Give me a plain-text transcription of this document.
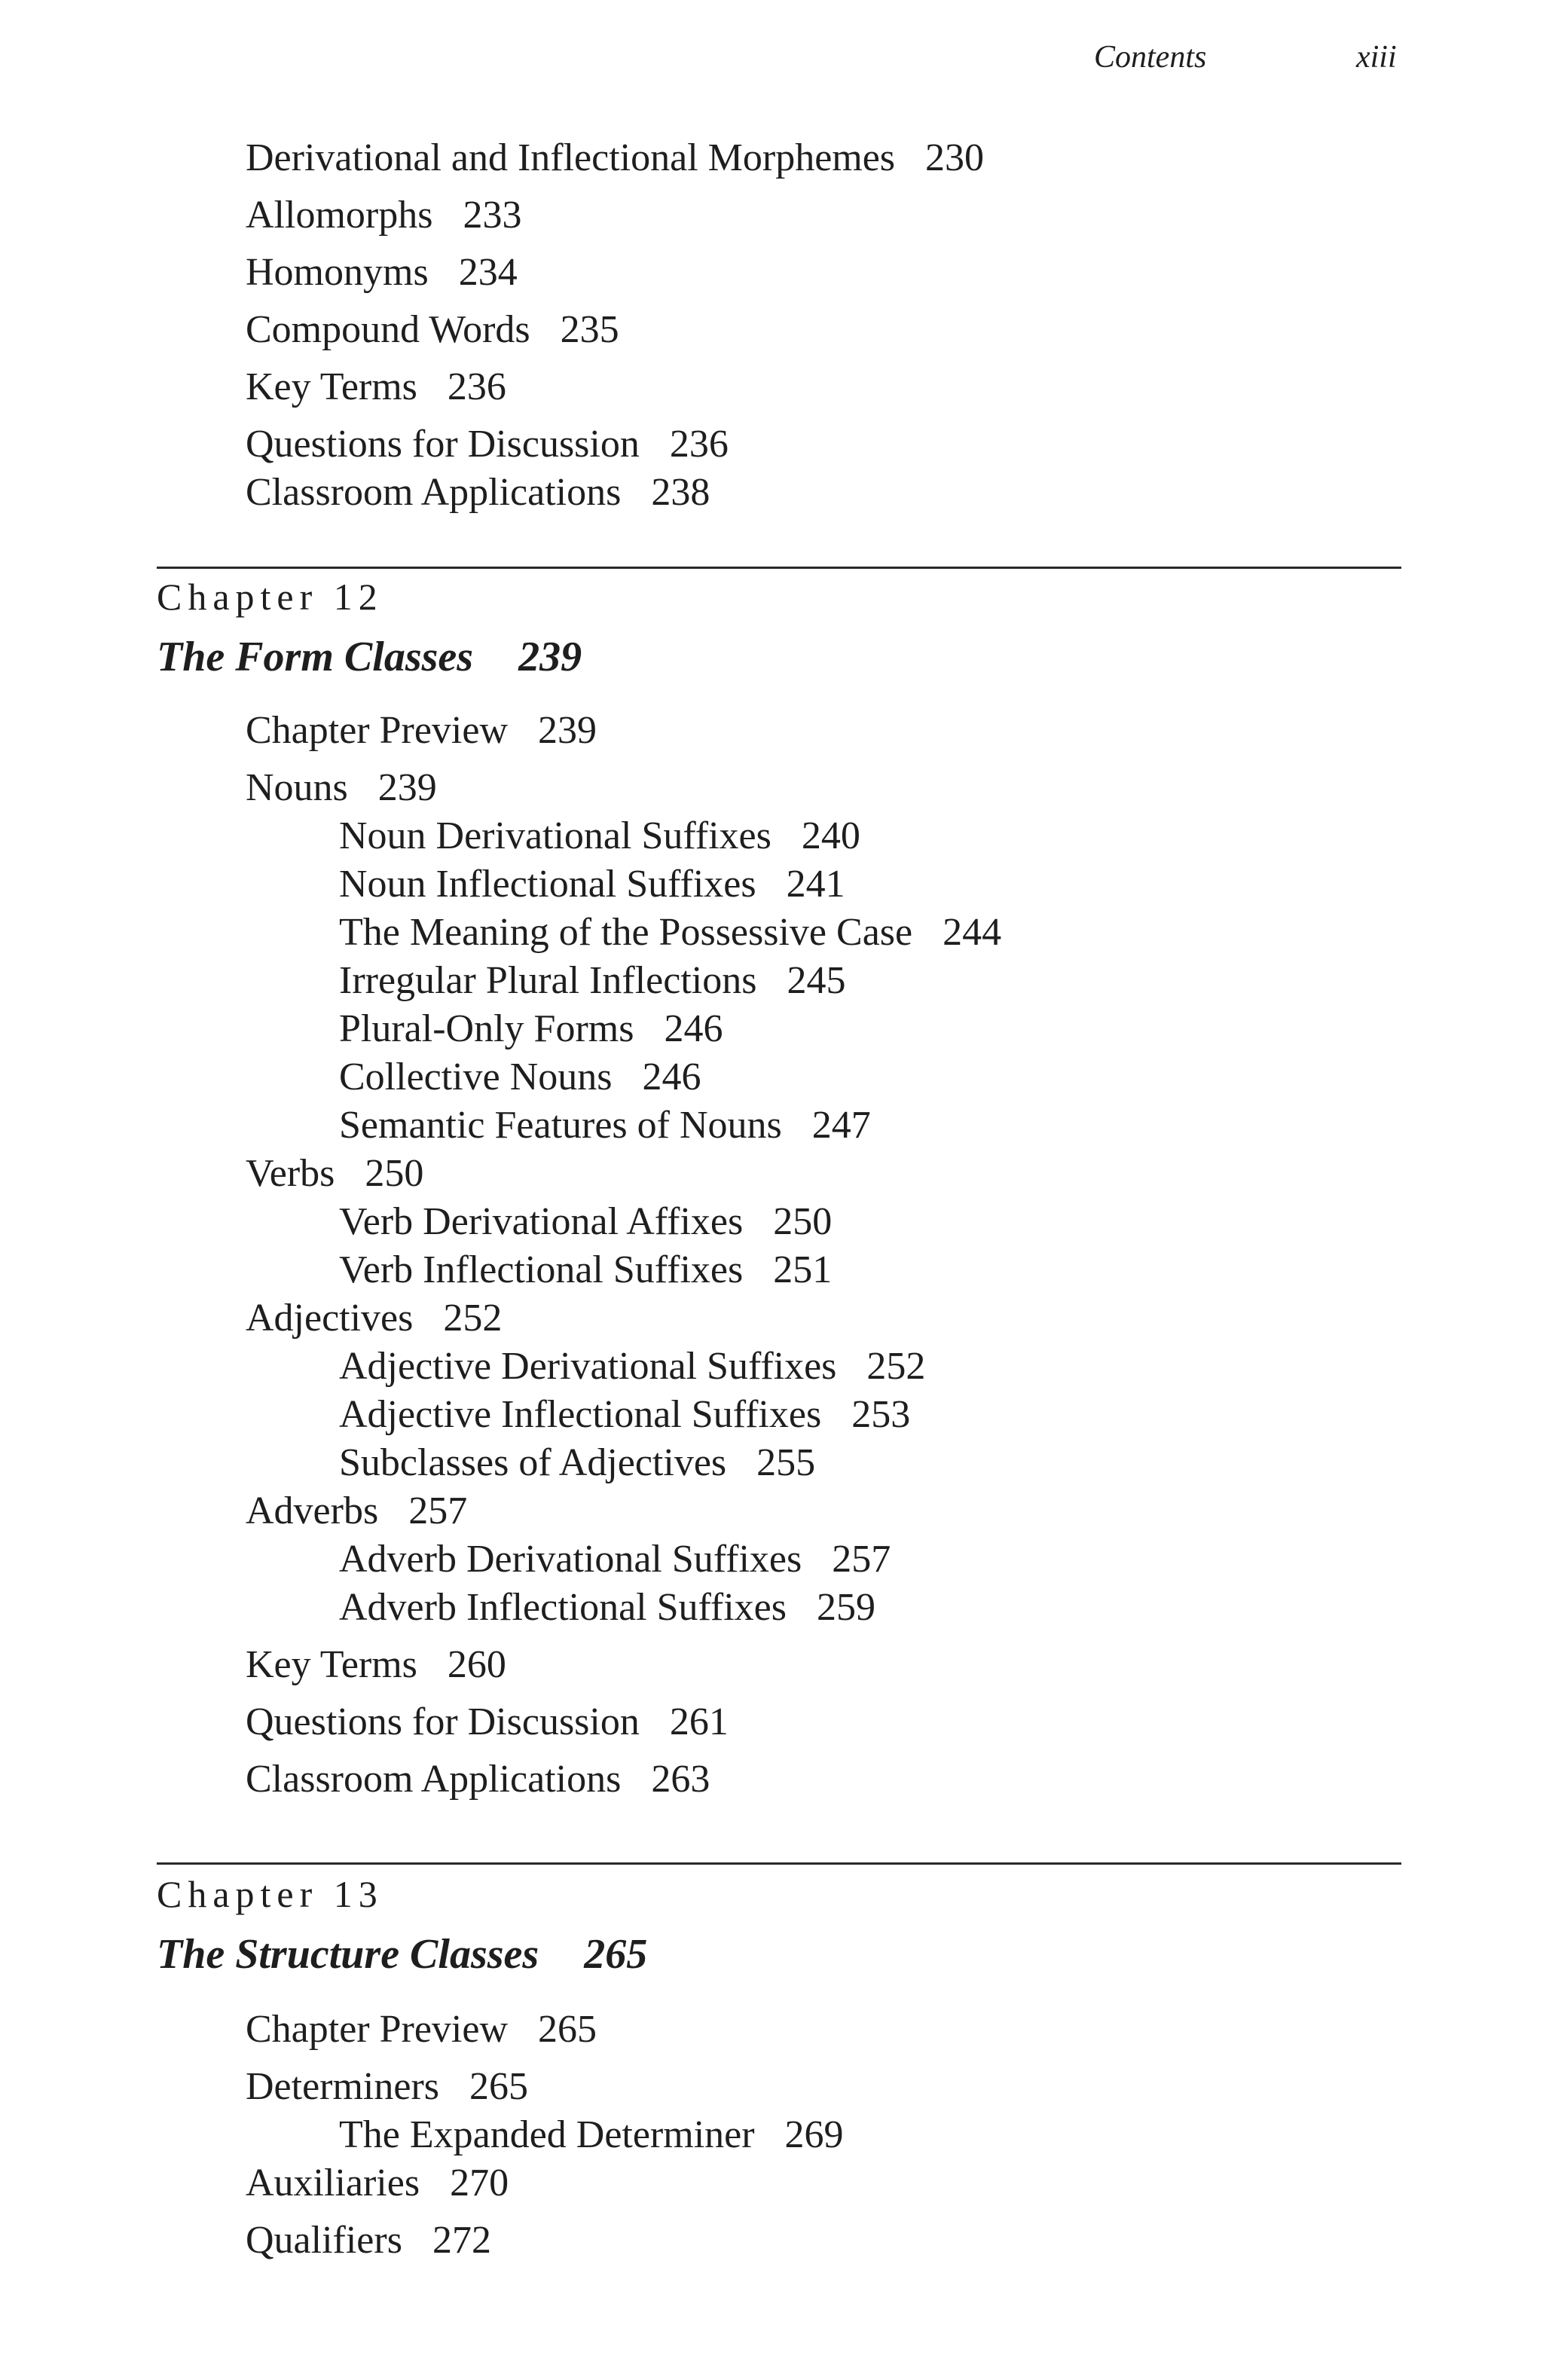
Contents	xiii
Derivational and Inflectional Morphemes 230
Allomorphs 233
Homonyms 234
Compound Words 235
Key Terms 236
Questions for Discussion 236
Classroom Applications 238
Chapter 12
The Form Classes 239
Chapter Preview 239
Nouns 239
Noun Derivational Suffixes 240
Noun Inflectional Suffixes 241
The Meaning of the Possessive Case 244
Irregular Plural Inflections 245
Plural-Only Forms 246
Collective Nouns 246
Semantic Features of Nouns 247
Verbs 250
Verb Derivational Affixes 250
Verb Inflectional Suffixes 251
Adjectives 252
Adjective Derivational Suffixes 252
Adjective Inflectional Suffixes 253
Subclasses of Adjectives 255
Adverbs 257
Adverb Derivational Suffixes 257
Adverb Inflectional Suffixes 259
Key Terms 260
Questions for Discussion 261
Classroom Applications 263
Chapter 13
The Structure Classes 265
Chapter Preview 265
Determiners 265
The Expanded Determiner 269
Auxiliaries 270
Qualifiers 272
